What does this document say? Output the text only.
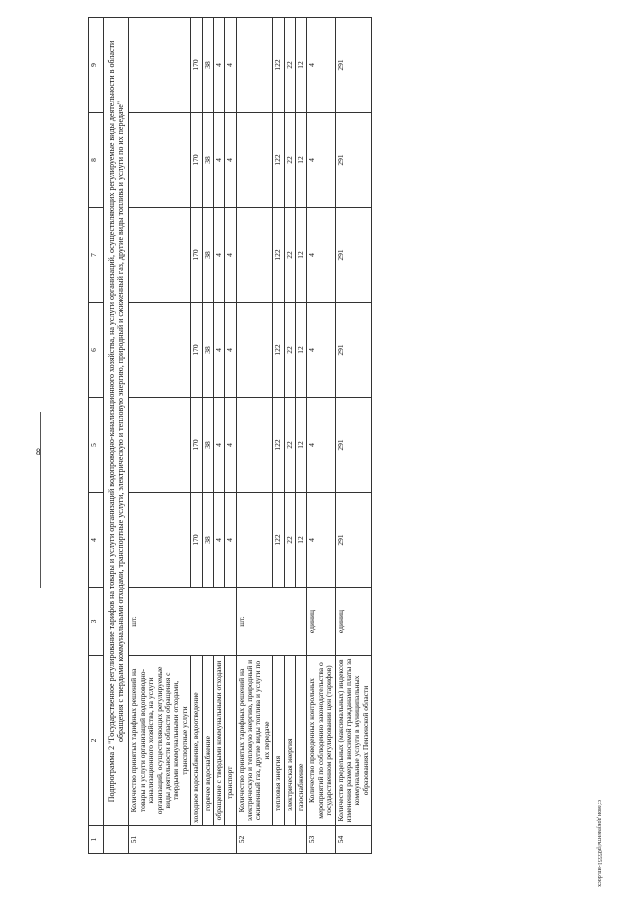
8
c:\мои документы\р05551-ип.docx
1	2	3	4	5	6	7	8	9
	Подпрограмма 2 "Государственное регулирование тарифов на товары и услуги организаций водопроводно-канализационного хозяйства, на услуги организаций, осуществляющих регулируемые виды деятельности в области обращения с твердыми коммунальными отходами, транспортные услуги, электрическую и тепловую энергию, природный и сжиженный газ, другие виды топлива и услуги по их передаче"							
51	Количество принятых тарифных решений на товары и услуги организаций водопроводно-канализационного хозяйства, на услуги организаций, осуществляющих регулируемые виды деятельности в области обращения с твердыми коммунальными отходами, транспортные услуги	шт.						
	холодное водоснабжение, водоотведение		170	170	170	170	170	170
	горячее водоснабжение		38	38	38	38	38	38
	обращение с твердыми коммунальными отходами		4	4	4	4	4	4
	транспорт		4	4	4	4	4	4
52	Количество принятых тарифных решений на электрическую и тепловую энергию, природный и сжиженный газ, другие виды топлива и услуги по их передаче	шт.						
	тепловая энергия		122	122	122	122	122	122
	электрическая энергия		22	22	22	22	22	22
	газоснабжение		12	12	12	12	12	12
53	Количество проведенных контрольных мероприятий по соблюдению законодательства о государственном регулировании цен (тарифов)	единиц	4	4	4	4	4	4
54	Количество предельных (максимальных) индексов изменения размера вносимой гражданами платы за коммунальные услуги в муниципальных образованиях Пензенской области	единиц	291	291	291	291	291	291
